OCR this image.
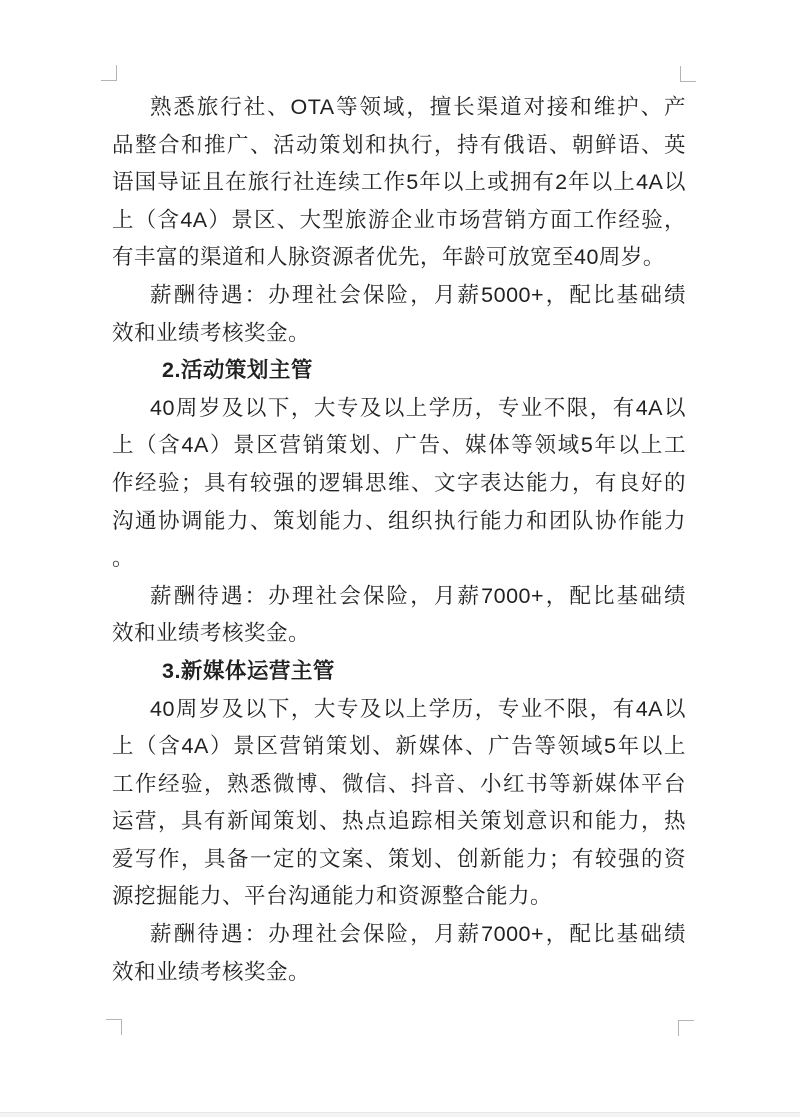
熟悉旅行社、OTA等领域，擅长渠道对接和维护、产
品整合和推广、活动策划和执行，持有俄语、朝鲜语、英
语国导证且在旅行社连续工作5年以上或拥有2年以上4A以
上（含4A）景区、大型旅游企业市场营销方面工作经验，
有丰富的渠道和人脉资源者优先，年龄可放宽至40周岁。
薪酬待遇：办理社会保险，月薪5000+，配比基础绩
效和业绩考核奖金。
2.活动策划主管
40周岁及以下，大专及以上学历，专业不限，有4A以
上（含4A）景区营销策划、广告、媒体等领域5年以上工
作经验；具有较强的逻辑思维、文字表达能力，有良好的
沟通协调能力、策划能力、组织执行能力和团队协作能力
。
薪酬待遇：办理社会保险，月薪7000+，配比基础绩
效和业绩考核奖金。
3.新媒体运营主管
40周岁及以下，大专及以上学历，专业不限，有4A以
上（含4A）景区营销策划、新媒体、广告等领域5年以上
工作经验，熟悉微博、微信、抖音、小红书等新媒体平台
运营，具有新闻策划、热点追踪相关策划意识和能力，热
爱写作，具备一定的文案、策划、创新能力；有较强的资
源挖掘能力、平台沟通能力和资源整合能力。
薪酬待遇：办理社会保险，月薪7000+，配比基础绩
效和业绩考核奖金。
